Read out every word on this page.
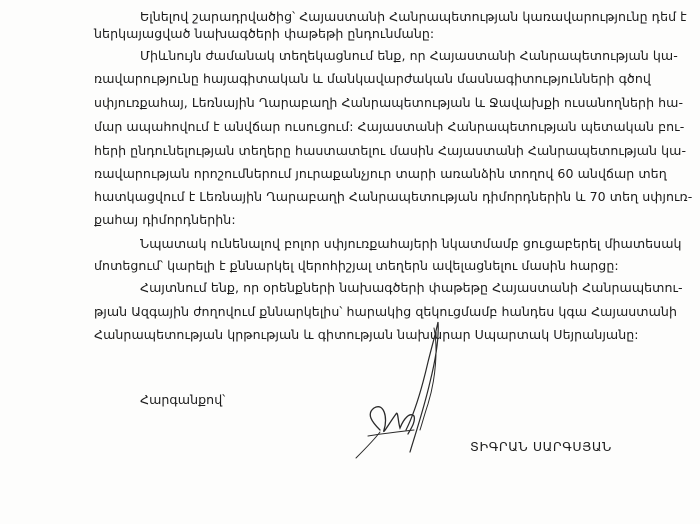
Ելնելով շարադրվածից՝ Հայաստանի Հանրապետության կառավարությունը դեմ է
ներկայացված նախագծերի փաթեթի ընդունմանը:
Միևնույն ժամանակ տեղեկացնում ենք, որ Հայաստանի Հանրապետության կա-
ռավարությունը հայագիտական և մանկավարժական մասնագիտությունների գծով
սփյուռքահայ, Լեռնային Ղարաբաղի Հանրապետության և Ջավախքի ուսանողների հա-
մար ապահովում է անվճար ուսուցում: Հայաստանի Հանրապետության պետական բու-
հերի ընդունելության տեղերը հաստատելու մասին Հայաստանի Հանրապետության կա-
ռավարության որոշումներում յուրաքանչյուր տարի առանձին տողով 60 անվճար տեղ
հատկացվում է Լեռնային Ղարաբաղի Հանրապետության դիմորդներին և 70 տեղ սփյուռ-
քահայ դիմորդներին:
Նպատակ ունենալով բոլոր սփյուռքահայերի նկատմամբ ցուցաբերել միատեսակ
մոտեցում՝ կարելի է քննարկել վերոհիշյալ տեղերն ավելացնելու մասին հարցը:
Հայտնում ենք, որ օրենքների նախագծերի փաթեթը Հայաստանի Հանրապետու-
թյան Ազգային ժողովում քննարկելիս՝ հարակից զեկուցմամբ հանդես կգա Հայաստանի
Հանրապետության կրթության և գիտության նախարար Սպարտակ Սեյրանյանը:
Հարգանքով՝
ՏԻԳՐԱՆ ՍԱՐԳՍՅԱՆ
